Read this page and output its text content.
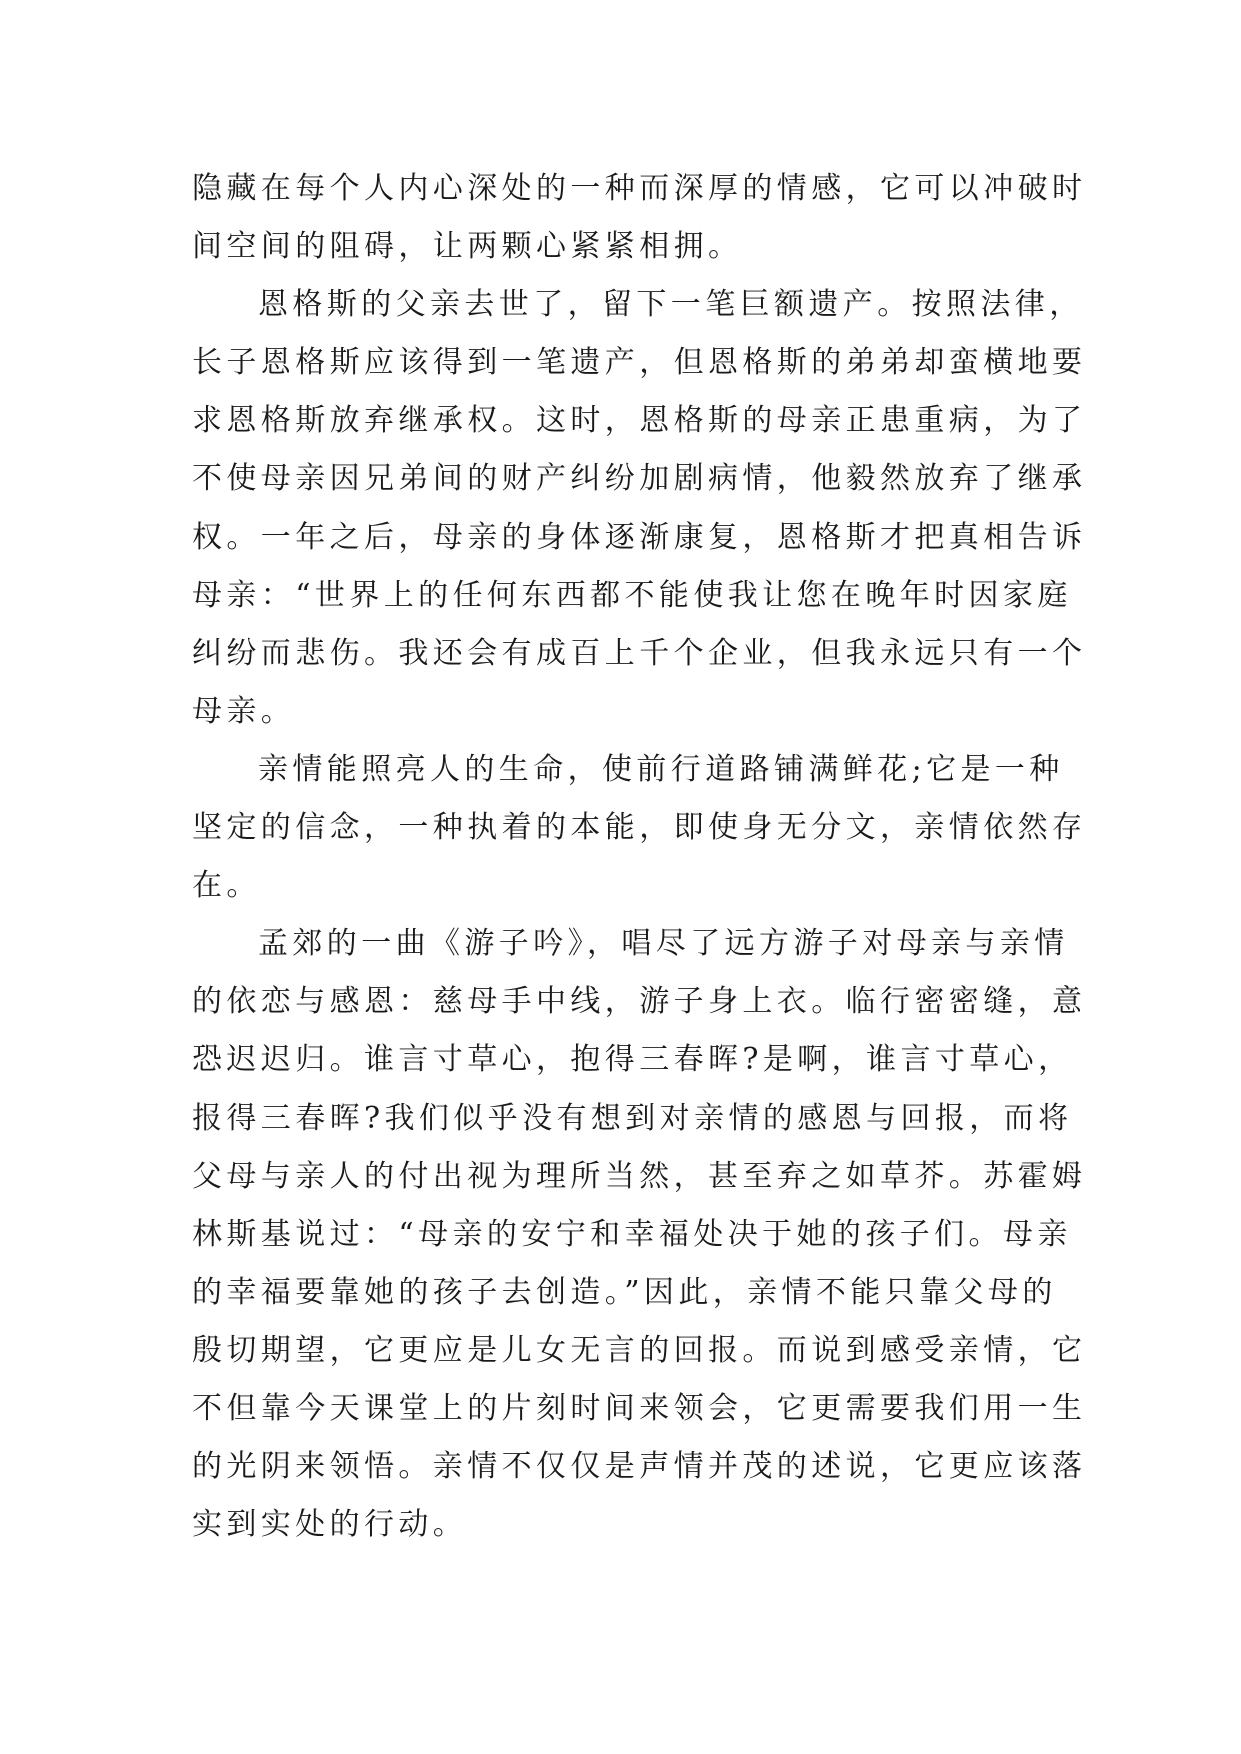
隐藏在每个人内心深处的一种而深厚的情感，它可以冲破时
间空间的阻碍，让两颗心紧紧相拥。
恩格斯的父亲去世了，留下一笔巨额遗产。按照法律，
长子恩格斯应该得到一笔遗产，但恩格斯的弟弟却蛮横地要
求恩格斯放弃继承权。这时，恩格斯的母亲正患重病，为了
不使母亲因兄弟间的财产纠纷加剧病情，他毅然放弃了继承
权。一年之后，母亲的身体逐渐康复，恩格斯才把真相告诉
母亲：“世界上的任何东西都不能使我让您在晚年时因家庭
纠纷而悲伤。我还会有成百上千个企业，但我永远只有一个
母亲。
亲情能照亮人的生命，使前行道路铺满鲜花;它是一种
坚定的信念，一种执着的本能，即使身无分文，亲情依然存
在。
孟郊的一曲《游子吟》，唱尽了远方游子对母亲与亲情
的依恋与感恩：慈母手中线，游子身上衣。临行密密缝，意
恐迟迟归。谁言寸草心，抱得三春晖?是啊，谁言寸草心，
报得三春晖?我们似乎没有想到对亲情的感恩与回报，而将
父母与亲人的付出视为理所当然，甚至弃之如草芥。苏霍姆
林斯基说过：“母亲的安宁和幸福处决于她的孩子们。母亲
的幸福要靠她的孩子去创造。”因此，亲情不能只靠父母的
殷切期望，它更应是儿女无言的回报。而说到感受亲情，它
不但靠今天课堂上的片刻时间来领会，它更需要我们用一生
的光阴来领悟。亲情不仅仅是声情并茂的述说，它更应该落
实到实处的行动。
